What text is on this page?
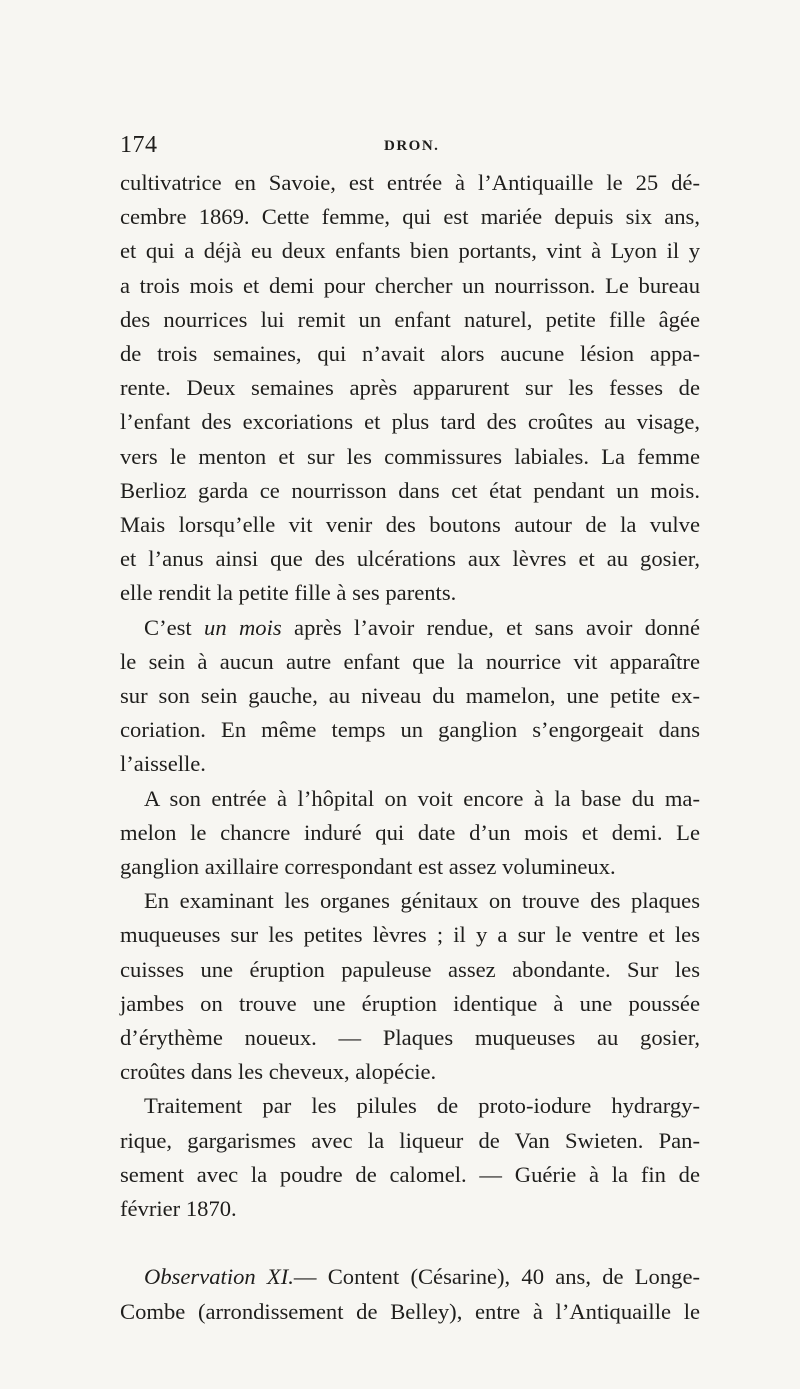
174	DRON.

cultivatrice en Savoie, est entrée à l’Antiquaille le 25 dé-
cembre 1869. Cette femme, qui est mariée depuis six ans,
et qui a déjà eu deux enfants bien portants, vint à Lyon il y
a trois mois et demi pour chercher un nourrisson. Le bureau
des nourrices lui remit un enfant naturel, petite fille âgée
de trois semaines, qui n’avait alors aucune lésion appa-
rente. Deux semaines après apparurent sur les fesses de
l’enfant des excoriations et plus tard des croûtes au visage,
vers le menton et sur les commissures labiales. La femme
Berlioz garda ce nourrisson dans cet état pendant un mois.
Mais lorsqu’elle vit venir des boutons autour de la vulve
et l’anus ainsi que des ulcérations aux lèvres et au gosier,
elle rendit la petite fille à ses parents.

C’est un mois après l’avoir rendue, et sans avoir donné
le sein à aucun autre enfant que la nourrice vit apparaître
sur son sein gauche, au niveau du mamelon, une petite ex-
coriation. En même temps un ganglion s’engorgeait dans
l’aisselle.

A son entrée à l’hôpital on voit encore à la base du ma-
melon le chancre induré qui date d’un mois et demi. Le
ganglion axillaire correspondant est assez volumineux.

En examinant les organes génitaux on trouve des plaques
muqueuses sur les petites lèvres ; il y a sur le ventre et les
cuisses une éruption papuleuse assez abondante. Sur les
jambes on trouve une éruption identique à une poussée
d’érythème noueux. — Plaques muqueuses au gosier,
croûtes dans les cheveux, alopécie.

Traitement par les pilules de proto-iodure hydrargy-
rique, gargarismes avec la liqueur de Van Swieten. Pan-
sement avec la poudre de calomel. — Guérie à la fin de
février 1870.

Observation XI.— Content (Césarine), 40 ans, de Longe-
Combe (arrondissement de Belley), entre à l’Antiquaille le
